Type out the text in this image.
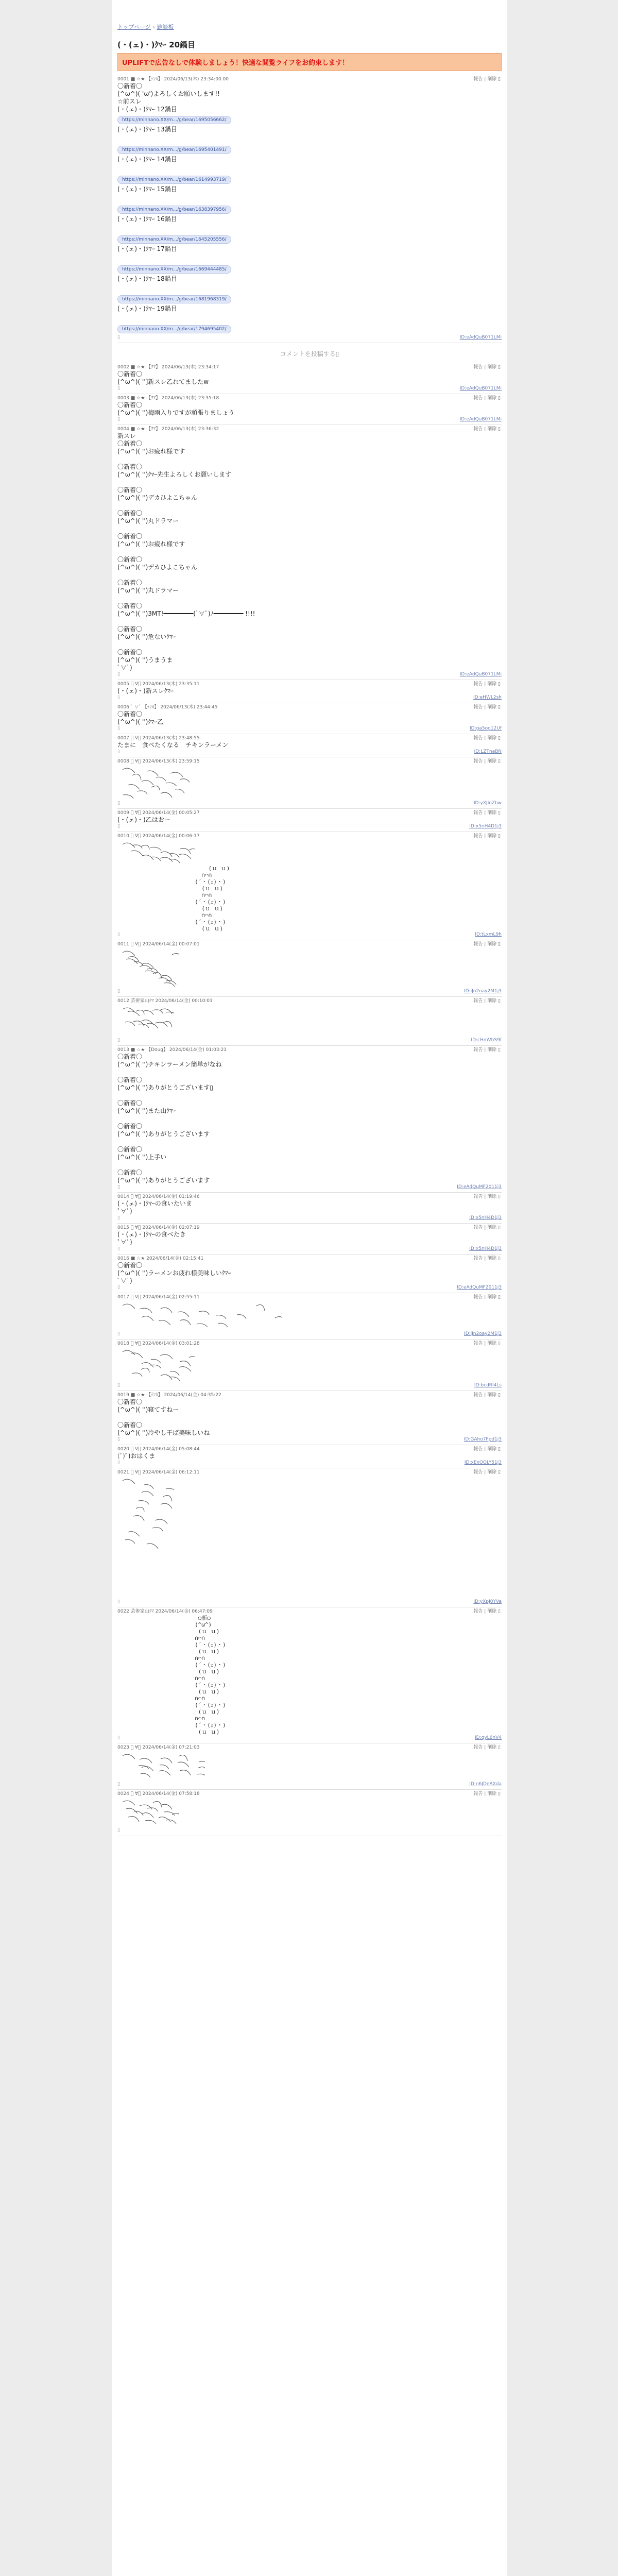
トップページ › 雑談板
(・(ェ)・)ｸﾏｰ 20鍋目
UPLIFTで広告なしで体験しましょう！快適な閲覧ライフをお約束します！
0001 ■ ☆★ 【ﾃﾝｶ】 2024/06/13(木) 23:34:00.00	報告 | 削除 ▯
〇新着〇
(^ω^)( 'ω')よろしくお願いします!!
☆前スレ
(・(ェ)・)ｸﾏｰ 12鍋目
https://minnano.XX/m.../g/bear/1695056662/
(・(ェ)・)ｸﾏｰ 13鍋目

https://minnano.XX/m.../g/bear/1695401491/
(・(ェ)・)ｸﾏｰ 14鍋目

https://minnano.XX/m.../g/bear/1614993719/
(・(ェ)・)ｸﾏｰ 15鍋目

https://minnano.XX/m.../g/bear/1638397956/
(・(ェ)・)ｸﾏｰ 16鍋目

https://minnano.XX/m.../g/bear/1645205556/
(・(ェ)・)ｸﾏｰ 17鍋目

https://minnano.XX/m.../g/bear/1669444485/
(・(ェ)・)ｸﾏｰ 18鍋目

https://minnano.XX/m.../g/bear/1681968319/
(・(ェ)・)ｸﾏｰ 19鍋目

https://minnano.XX/m.../g/bear/1794695402/
▯	ID:eAdQuB071LMi
コメントを投稿する▯
0002 ■ ☆★ 【ｸﾏ】 2024/06/13(木) 23:34:17	報告 | 削除 ▯
〇新着〇
(^ω^)( '']新スレ乙れてましたw
▯	ID:eAdQuB071LMi
0003 ■ ☆★ 【ｸﾏ】 2024/06/13(木) 23:35:18	報告 | 削除 ▯
〇新着〇
(^ω^)( '')梅雨入りですが頑張りましょう
▯	ID:eAdQuB071LMi
0004 ■ ☆★ 【ｸﾏ】 2024/06/13(木) 23:36:32	報告 | 削除 ▯
新スレ
〇新着〇
(^ω^)( '')お疲れ様です

〇新着〇
(^ω^)( '')ｸﾏｰ先生よろしくお願いします

〇新着〇
(^ω^)( '')デカひよこちゃん

〇新着〇
(^ω^)( '')丸ドラマー

〇新着〇
(^ω^)( '')お疲れ様です

〇新着〇
(^ω^)( '')デカひよこちゃん

〇新着〇
(^ω^)( '')丸ドラマー

〇新着〇
(^ω^)( '')3MT!━━━━━━━━(ﾟ∀ﾟ)ﾉ━━━━━━━━ !!!!

〇新着〇
(^ω^)( '')危ないｸﾏｰ

〇新着〇
(^ω^)( '')うまうま
ﾟ∀ﾟ)
▯	ID:eAdQuB071LMi
0005 ﾟ ∀ﾟ 2024/06/13(木) 23:35:11	報告 | 削除 ▯
(・(ェ)・)新スレｸﾏｰ
▯	ID:eHWL2sh
0006 ﾟ ∀ﾟ 【ﾃﾝｶ】 2024/06/13(木) 23:44:45	報告 | 削除 ▯
〇新着〇
(^ω^)( '')ｸﾏｰ乙
▯	ID:ga5og12Uf
0007 ﾟ ∀ﾟ 2024/06/13(木) 23:48:55	報告 | 削除 ▯
たまに　食べたくなる　チキンラーメン
▯	ID:LZTnaBN
0008 ﾟ ∀ﾟ 2024/06/13(木) 23:59:15	報告 | 削除 ▯
▯	ID:yXJIoZbw
0009 ﾟ ∀ﾟ 2024/06/14(金) 00:05:27	報告 | 削除 ▯
(・(ェ)・)乙はおー
▯	ID:x5nH4D1j3
0010 ﾟ ∀ﾟ 2024/06/14(金) 00:06:17	報告 | 削除 ▯
(ｕ ｕ)
∩⌒∩
(´・(ｪ)・)
(ｕ ｕ)
∩⌒∩
(´・(ｪ)・)
(ｕ ｕ)
∩⌒∩
(´・(ｪ)・)
(ｕ ｕ)
▯	ID:tLxmL9h
0011 ﾟ ∀ﾟ 2024/06/14(金) 00:07:01	報告 | 削除 ▯
▯	ID:iJn2oay2M1j3
0012 芸術家山ｸﾏ 2024/06/14(金) 00:10:01	報告 | 削除 ▯
▯	ID:cHmVhS9f
0013 ■ ☆★ 【Doug】 2024/06/14(金) 01:03:21	報告 | 削除 ▯
〇新着〇
(^ω^)( '')チキンラーメン簡単がなね

〇新着〇
(^ω^)( '')ありがとうございます▯

〇新着〇
(^ω^)( '')また山ｸﾏｰ

〇新着〇
(^ω^)( '')ありがとうございます

〇新着〇
(^ω^)( '')上手い

〇新着〇
(^ω^)( '')ありがとうございます
▯	ID:eAdQuMF2011j3
0014 ﾟ ∀ﾟ 2024/06/14(金) 01:19:46	報告 | 削除 ▯
(・(ェ)・)ｸﾏｰの食いたいま
ﾟ∀ﾟ)
▯	ID:x5nH4D1j3
0015 ﾟ ∀ﾟ 2024/06/14(金) 02:07:19	報告 | 削除 ▯
(・(ェ)・)ｸﾏｰの食べたき
ﾟ∀ﾟ)
▯	ID:x5nH4D1j3
0016 ■ ☆★ 2024/06/14(金) 02:15:41	報告 | 削除 ▯
〇新着〇
(^ω^)( '')ラーメンお疲れ様美味しいｸﾏｰ
ﾟ∀ﾟ)
▯	ID:eAdQuMF2011j3
0017 ﾟ ∀ﾟ 2024/06/14(金) 02:55:11	報告 | 削除 ▯
▯	ID:iJn2oay2M1j3
0018 ﾟ ∀ﾟ 2024/06/14(金) 03:01:28	報告 | 削除 ▯
▯	ID:bcdRl4Ls
0019 ■ ☆★ 【ﾃﾝｶ】 2024/06/14(金) 04:35:22	報告 | 削除 ▯
〇新着〇
(^ω^)( '')寝てすねー

〇新着〇
(^ω^)( '')冷やし干ぱ美味しいね
▯	ID:GAho7Fpd1j3
0020 ﾟ ∀ﾟ 2024/06/14(金) 05:08:44	報告 | 削除 ▯
(ﾟ)ﾟ)おはくま
▯	ID:xExOOLY51j3
0021 ﾟ ∀ﾟ 2024/06/14(金) 06:12:11	報告 | 削除 ▯
▯	ID:yXpJ0YVa
0022 芸術家山ｸﾏ 2024/06/14(金) 06:47:09	報告 | 削除 ▯
○新○
(^ω^)
(ｕ ｕ)
∩⌒∩
(´・(ｪ)・)
(ｕ ｕ)
∩⌒∩
(´・(ｪ)・)
(ｕ ｕ)
∩⌒∩
(´・(ｪ)・)
(ｕ ｕ)
∩⌒∩
(´・(ｪ)・)
(ｕ ｕ)
∩⌒∩
(´・(ｪ)・)
(ｕ ｕ)
▯	ID:qyL6nV4
0023 ﾟ ∀ﾟ 2024/06/14(金) 07:21:03	報告 | 削除 ▯
▯	ID:n6JDeAXda
0024 ﾟ ∀ﾟ 2024/06/14(金) 07:58:18	報告 | 削除 ▯
▯
